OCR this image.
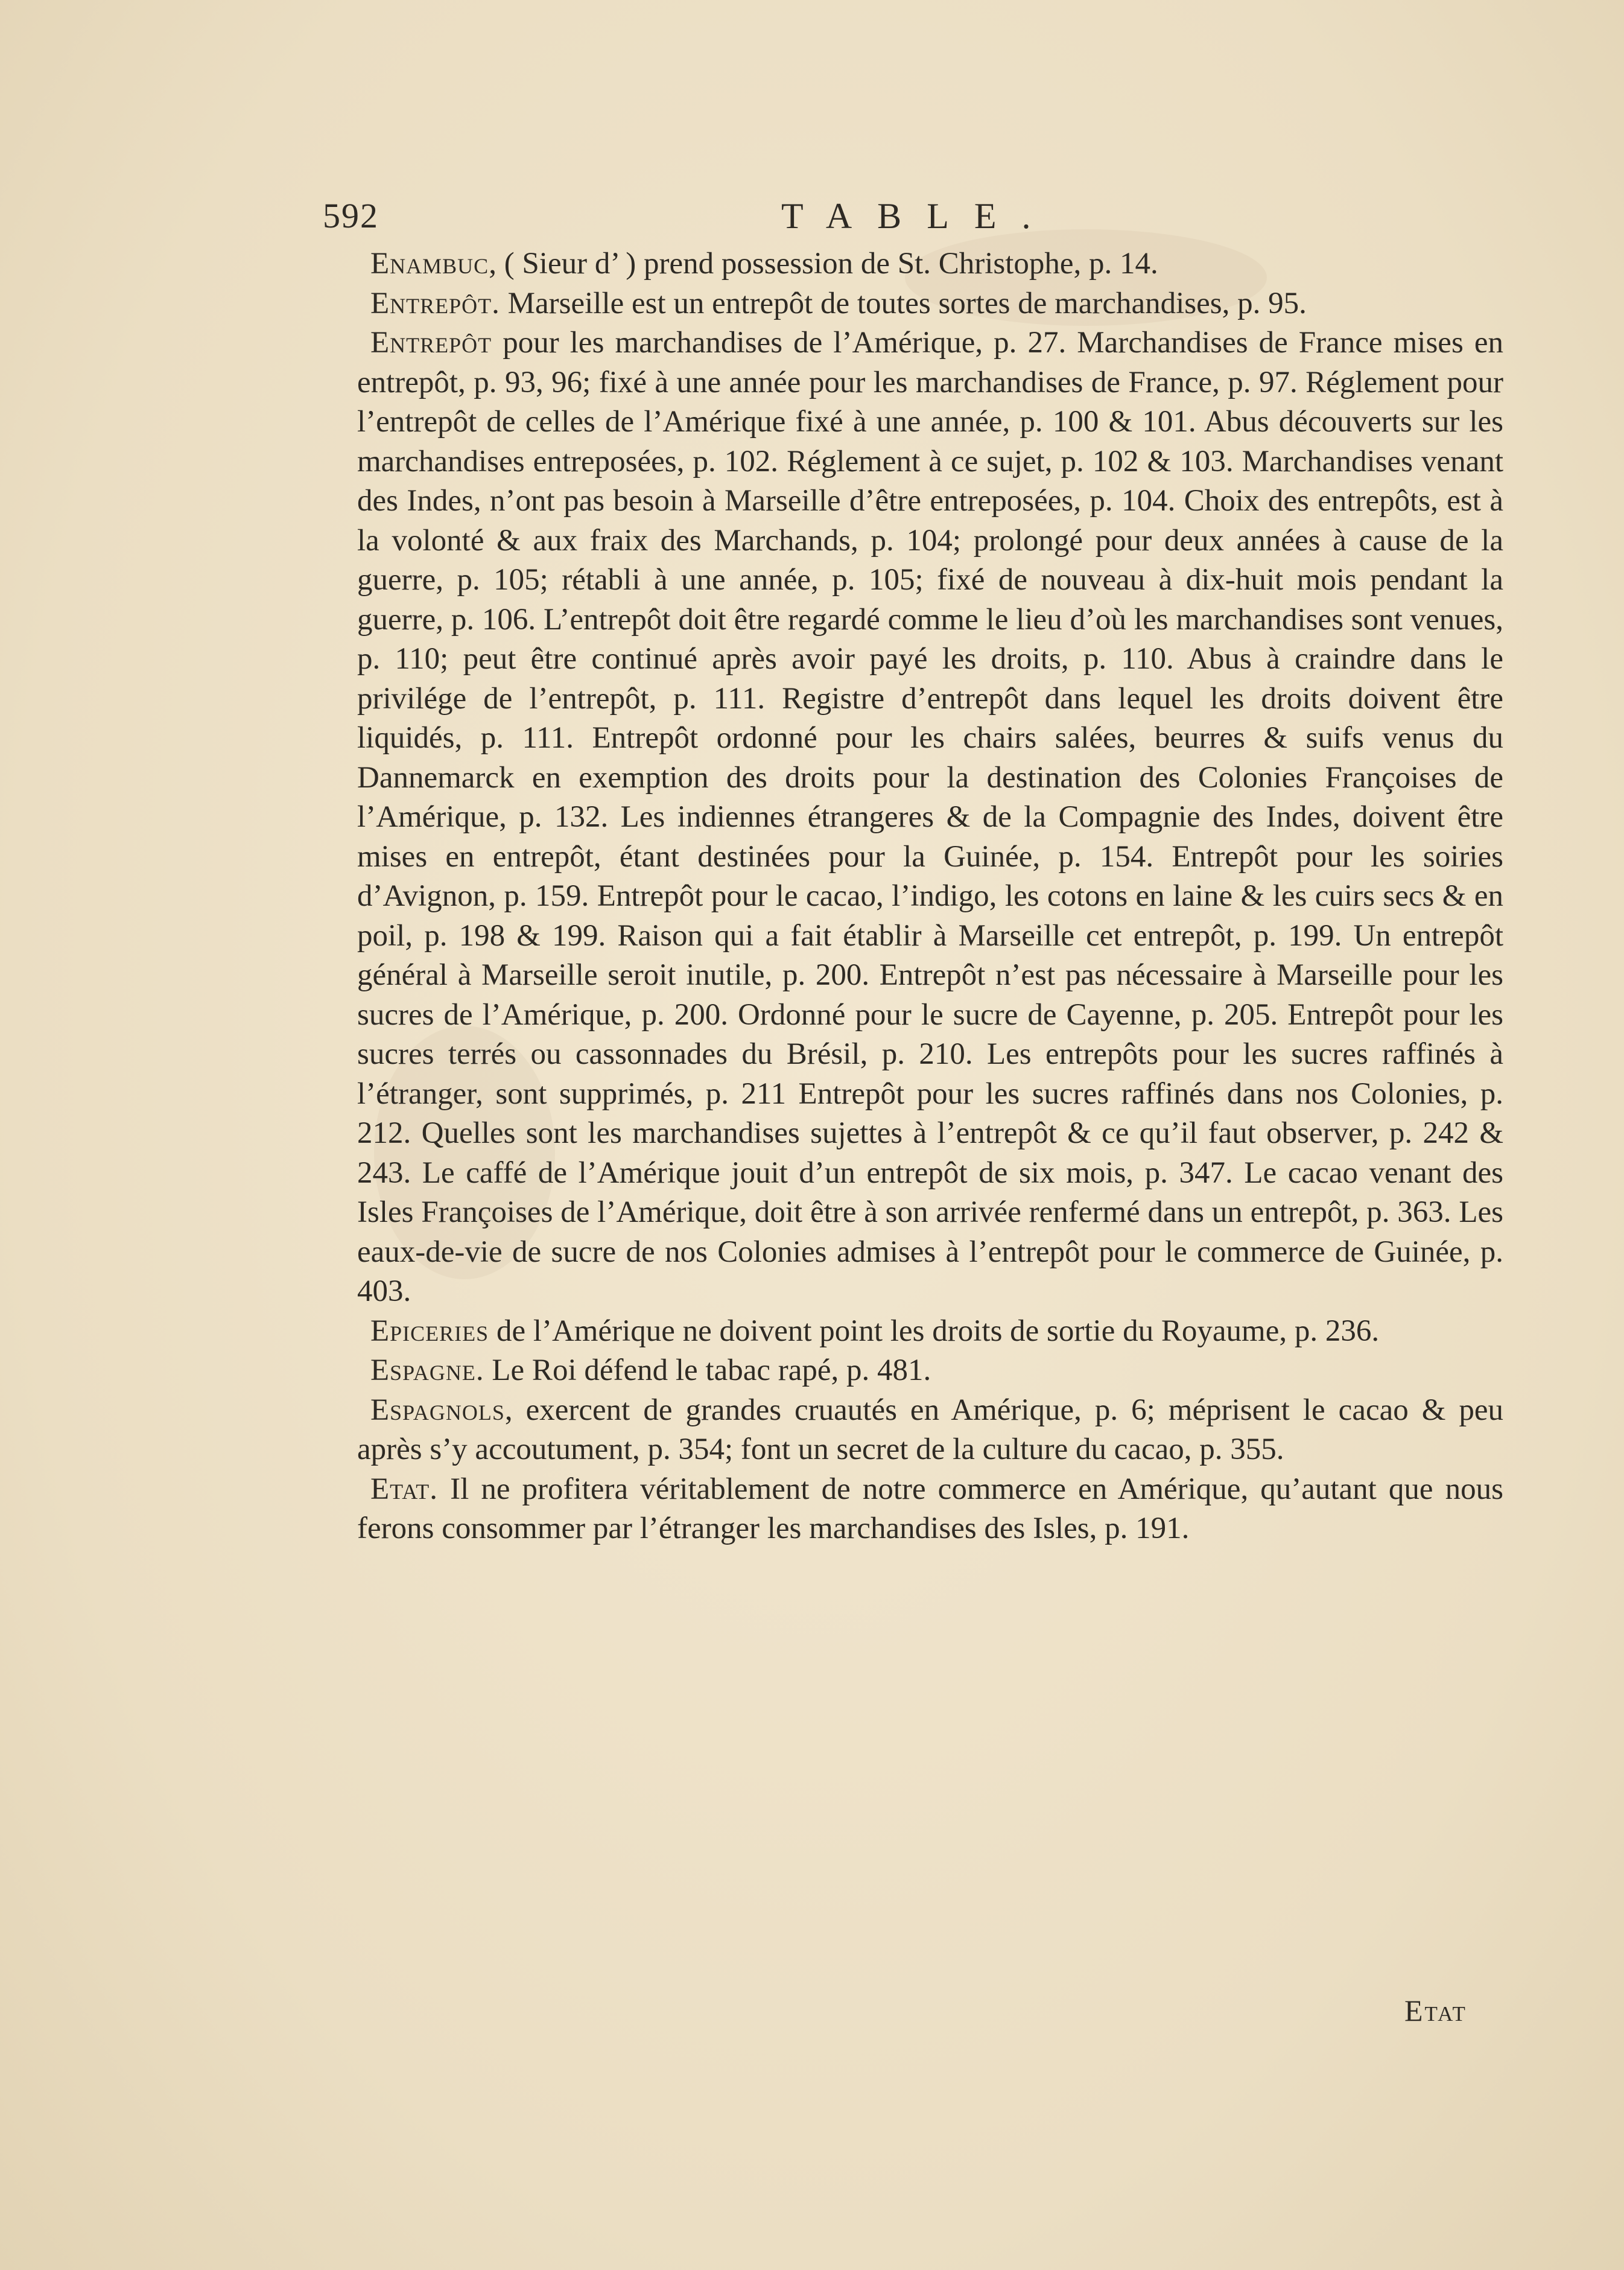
592	TABLE.

Enambuc, ( Sieur d’ ) prend possession de St. Christophe, p. 14.

Entrepôt. Marseille est un entrepôt de toutes sortes de marchandises, p. 95.

Entrepôt pour les marchandises de l’Amérique, p. 27. Marchandises de France mises en entrepôt, p. 93, 96; fixé à une année pour les marchandises de France, p. 97. Réglement pour l’entrepôt de celles de l’Amérique fixé à une année, p. 100 & 101. Abus découverts sur les marchandises entreposées, p. 102. Réglement à ce sujet, p. 102 & 103. Marchandises venant des Indes, n’ont pas besoin à Marseille d’être entreposées, p. 104. Choix des entrepôts, est à la volonté & aux fraix des Marchands, p. 104; prolongé pour deux années à cause de la guerre, p. 105; rétabli à une année, p. 105; fixé de nouveau à dix-huit mois pendant la guerre, p. 106. L’entrepôt doit être regardé comme le lieu d’où les marchandises sont venues, p. 110; peut être continué après avoir payé les droits, p. 110. Abus à craindre dans le privilége de l’entrepôt, p. 111. Registre d’entrepôt dans lequel les droits doivent être liquidés, p. 111. Entrepôt ordonné pour les chairs salées, beurres & suifs venus du Dannemarck en exemption des droits pour la destination des Colonies Françoises de l’Amérique, p. 132. Les indiennes étrangeres & de la Compagnie des Indes, doivent être mises en entrepôt, étant destinées pour la Guinée, p. 154. Entrepôt pour les soiries d’Avignon, p. 159. Entrepôt pour le cacao, l’indigo, les cotons en laine & les cuirs secs & en poil, p. 198 & 199. Raison qui a fait établir à Marseille cet entrepôt, p. 199. Un entrepôt général à Marseille seroit inutile, p. 200. Entrepôt n’est pas nécessaire à Marseille pour les sucres de l’Amérique, p. 200. Ordonné pour le sucre de Cayenne, p. 205. Entrepôt pour les sucres terrés ou cassonnades du Brésil, p. 210. Les entrepôts pour les sucres raffinés à l’étranger, sont supprimés, p. 211 Entrepôt pour les sucres raffinés dans nos Colonies, p. 212. Quelles sont les marchandises sujettes à l’entrepôt & ce qu’il faut observer, p. 242 & 243. Le caffé de l’Amérique jouit d’un entrepôt de six mois, p. 347. Le cacao venant des Isles Françoises de l’Amérique, doit être à son arrivée renfermé dans un entrepôt, p. 363. Les eaux-de-vie de sucre de nos Colonies admises à l’entrepôt pour le commerce de Guinée, p. 403.

Epiceries de l’Amérique ne doivent point les droits de sortie du Royaume, p. 236.

Espagne. Le Roi défend le tabac rapé, p. 481.

Espagnols, exercent de grandes cruautés en Amérique, p. 6; méprisent le cacao & peu après s’y accoutument, p. 354; font un secret de la culture du cacao, p. 355.

Etat. Il ne profitera véritablement de notre commerce en Amérique, qu’autant que nous ferons consommer par l’étranger les marchandises des Isles, p. 191.

Etat
